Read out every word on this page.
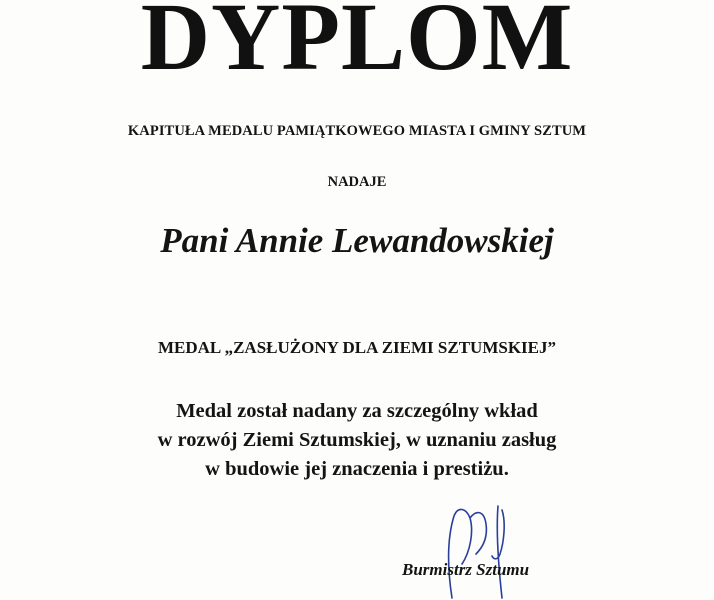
DYPLOM
KAPITUŁA MEDALU PAMIĄTKOWEGO MIASTA I GMINY SZTUM
NADAJE
Pani Annie Lewandowskiej
MEDAL „ZASŁUŻONY DLA ZIEMI SZTUMSKIEJ”
Medal został nadany za szczególny wkład
w rozwój Ziemi Sztumskiej, w uznaniu zasług
w budowie jej znaczenia i prestiżu.
Burmistrz Sztumu
